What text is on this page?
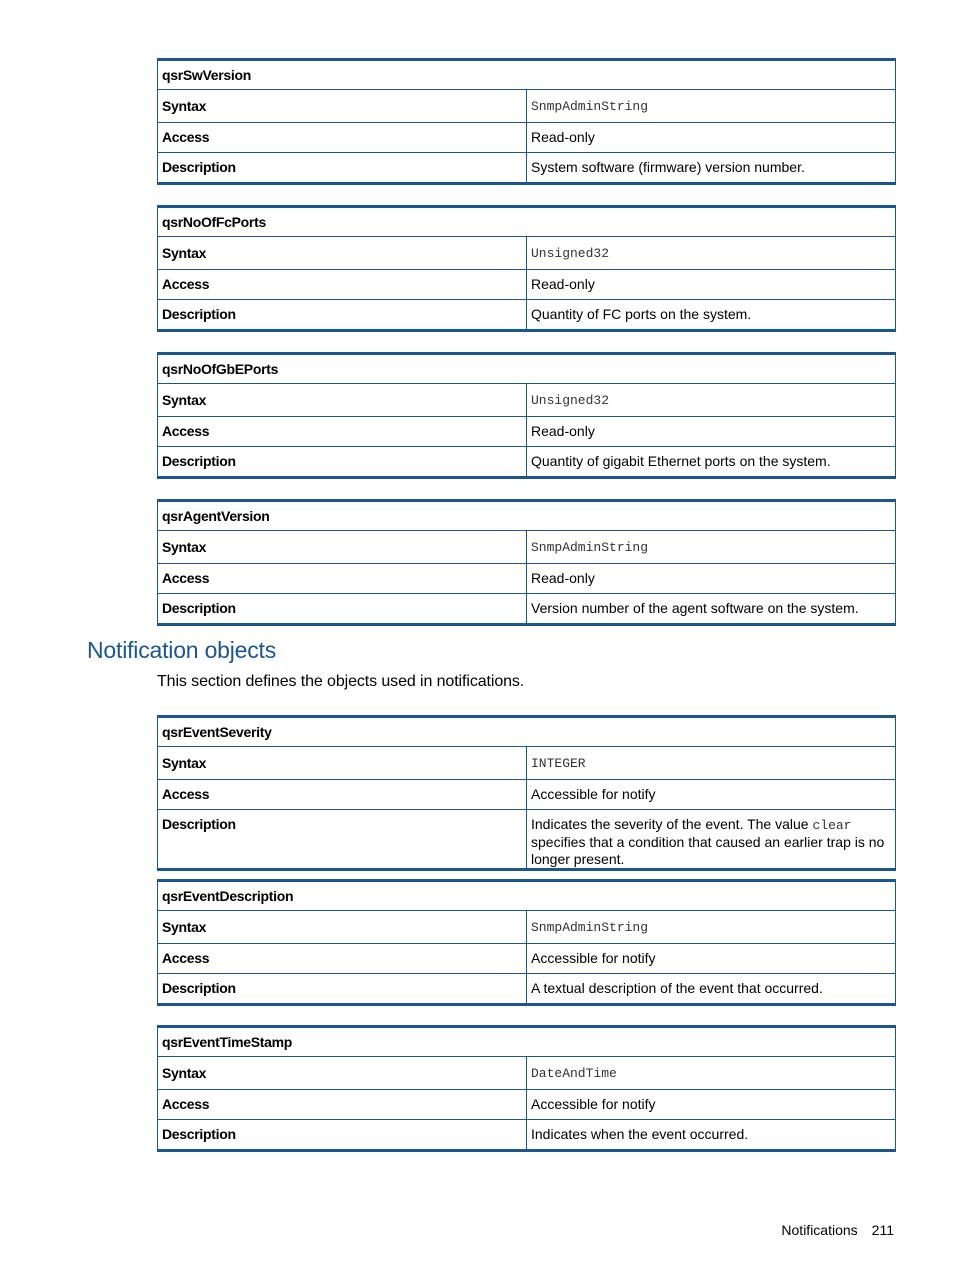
qsrSwVersion	
Syntax	SnmpAdminString
Access	Read-only
Description	System software (firmware) version number.
qsrNoOfFcPorts	
Syntax	Unsigned32
Access	Read-only
Description	Quantity of FC ports on the system.
qsrNoOfGbEPorts	
Syntax	Unsigned32
Access	Read-only
Description	Quantity of gigabit Ethernet ports on the system.
qsrAgentVersion	
Syntax	SnmpAdminString
Access	Read-only
Description	Version number of the agent software on the system.
Notification objects

This section defines the objects used in notifications.

qsrEventSeverity	
Syntax	INTEGER
Access	Accessible for notify
Description	Indicates the severity of the event. The value clear specifies that a condition that caused an earlier trap is no longer present.
qsrEventDescription	
Syntax	SnmpAdminString
Access	Accessible for notify
Description	A textual description of the event that occurred.
qsrEventTimeStamp	
Syntax	DateAndTime
Access	Accessible for notify
Description	Indicates when the event occurred.
Notifications 211
